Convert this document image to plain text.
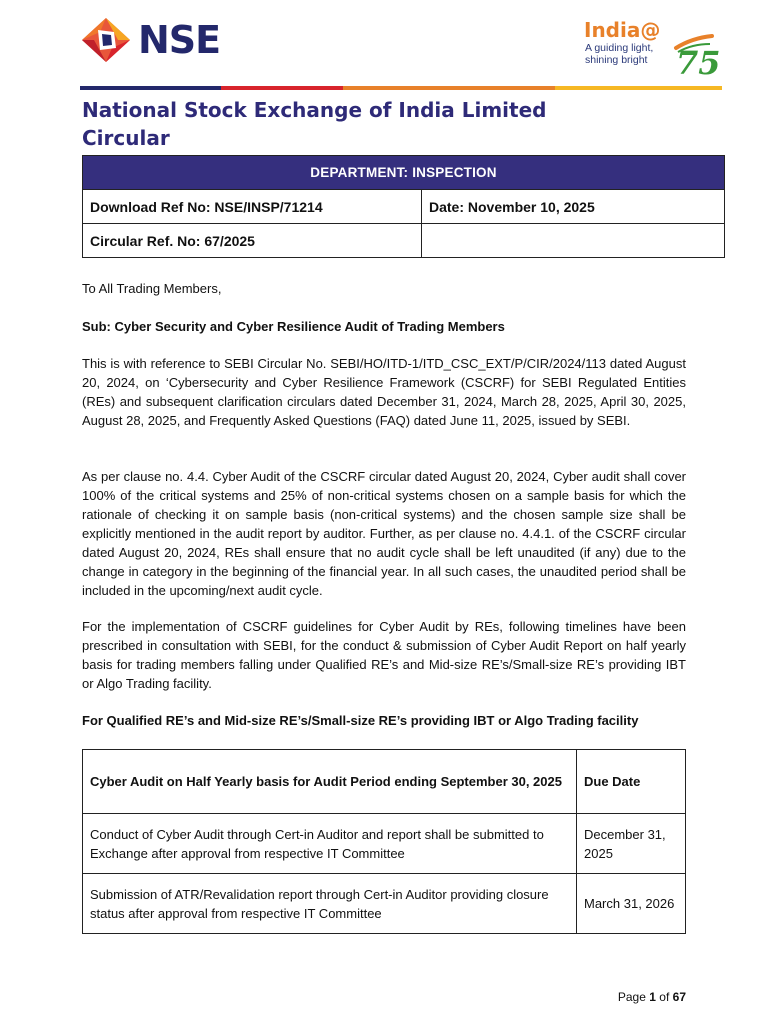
NSE	India@
A guiding light,
shining bright 75
National Stock Exchange of India Limited
Circular
DEPARTMENT: INSPECTION	
Download Ref No: NSE/INSP/71214	Date: November 10, 2025
Circular Ref. No: 67/2025	

To All Trading Members,

Sub: Cyber Security and Cyber Resilience Audit of Trading Members

This is with reference to SEBI Circular No. SEBI/HO/ITD-1/ITD_CSC_EXT/P/CIR/2024/113 dated August 20, 2024, on ‘Cybersecurity and Cyber Resilience Framework (CSCRF) for SEBI Regulated Entities (REs) and subsequent clarification circulars dated December 31, 2024, March 28, 2025, April 30, 2025, August 28, 2025, and Frequently Asked Questions (FAQ) dated June 11, 2025, issued by SEBI.

As per clause no. 4.4. Cyber Audit of the CSCRF circular dated August 20, 2024, Cyber audit shall cover 100% of the critical systems and 25% of non-critical systems chosen on a sample basis for which the rationale of checking it on sample basis (non-critical systems) and the chosen sample size shall be explicitly mentioned in the audit report by auditor. Further, as per clause no. 4.4.1. of the CSCRF circular dated August 20, 2024, REs shall ensure that no audit cycle shall be left unaudited (if any) due to the change in category in the beginning of the financial year. In all such cases, the unaudited period shall be included in the upcoming/next audit cycle.

For the implementation of CSCRF guidelines for Cyber Audit by REs, following timelines have been prescribed in consultation with SEBI, for the conduct & submission of Cyber Audit Report on half yearly basis for trading members falling under Qualified RE’s and Mid-size RE’s/Small-size RE’s providing IBT or Algo Trading facility.

For Qualified RE’s and Mid-size RE’s/Small-size RE’s providing IBT or Algo Trading facility

Cyber Audit on Half Yearly basis for Audit Period ending September 30, 2025	Due Date
Conduct of Cyber Audit through Cert-in Auditor and report shall be submitted to Exchange after approval from respective IT Committee	December 31, 2025
Submission of ATR/Revalidation report through Cert-in Auditor providing closure status after approval from respective IT Committee	March 31, 2026
Page 1 of 67
